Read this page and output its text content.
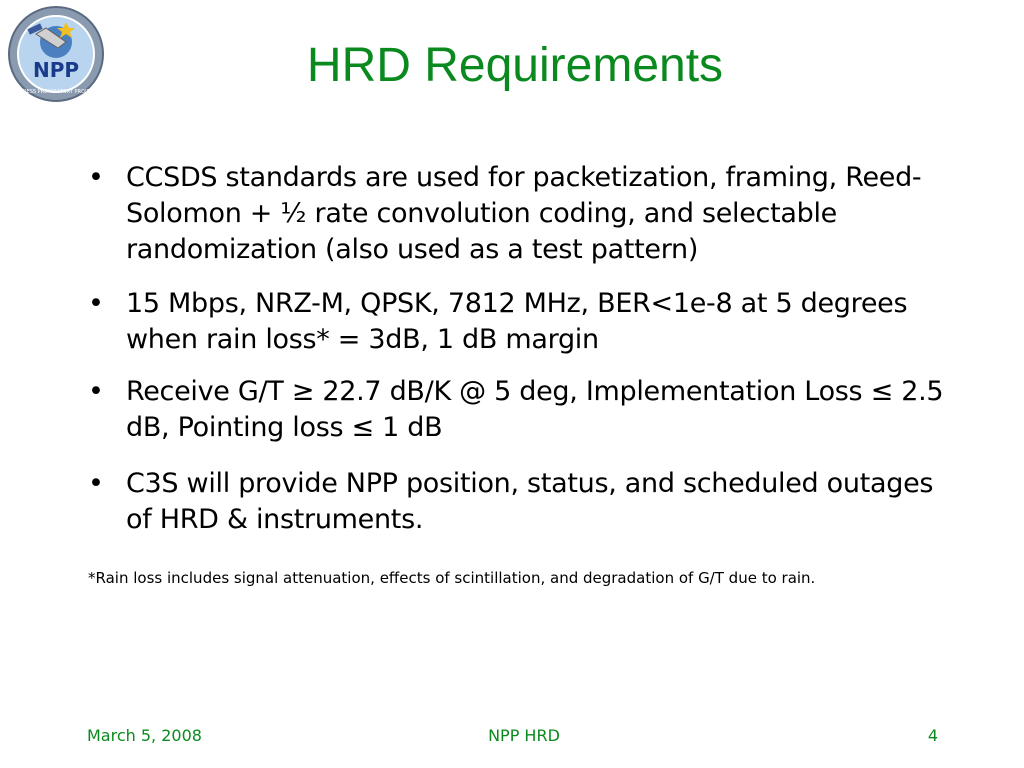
NPP
NPOESS PREPARATORY PROJECT	HRD Requirements
• CCSDS standards are used for packetization, framing, Reed-Solomon + ½ rate convolution coding, and selectable randomization (also used as a test pattern)
• 15 Mbps, NRZ-M, QPSK, 7812 MHz, BER<1e-8 at 5 degrees when rain loss* = 3dB, 1 dB margin
• Receive G/T ≥ 22.7 dB/K @ 5 deg, Implementation Loss ≤ 2.5 dB, Pointing loss ≤ 1 dB
• C3S will provide NPP position, status, and scheduled outages of HRD & instruments.
*Rain loss includes signal attenuation, effects of scintillation, and degradation of G/T due to rain.
March 5, 2008	NPP HRD	4
